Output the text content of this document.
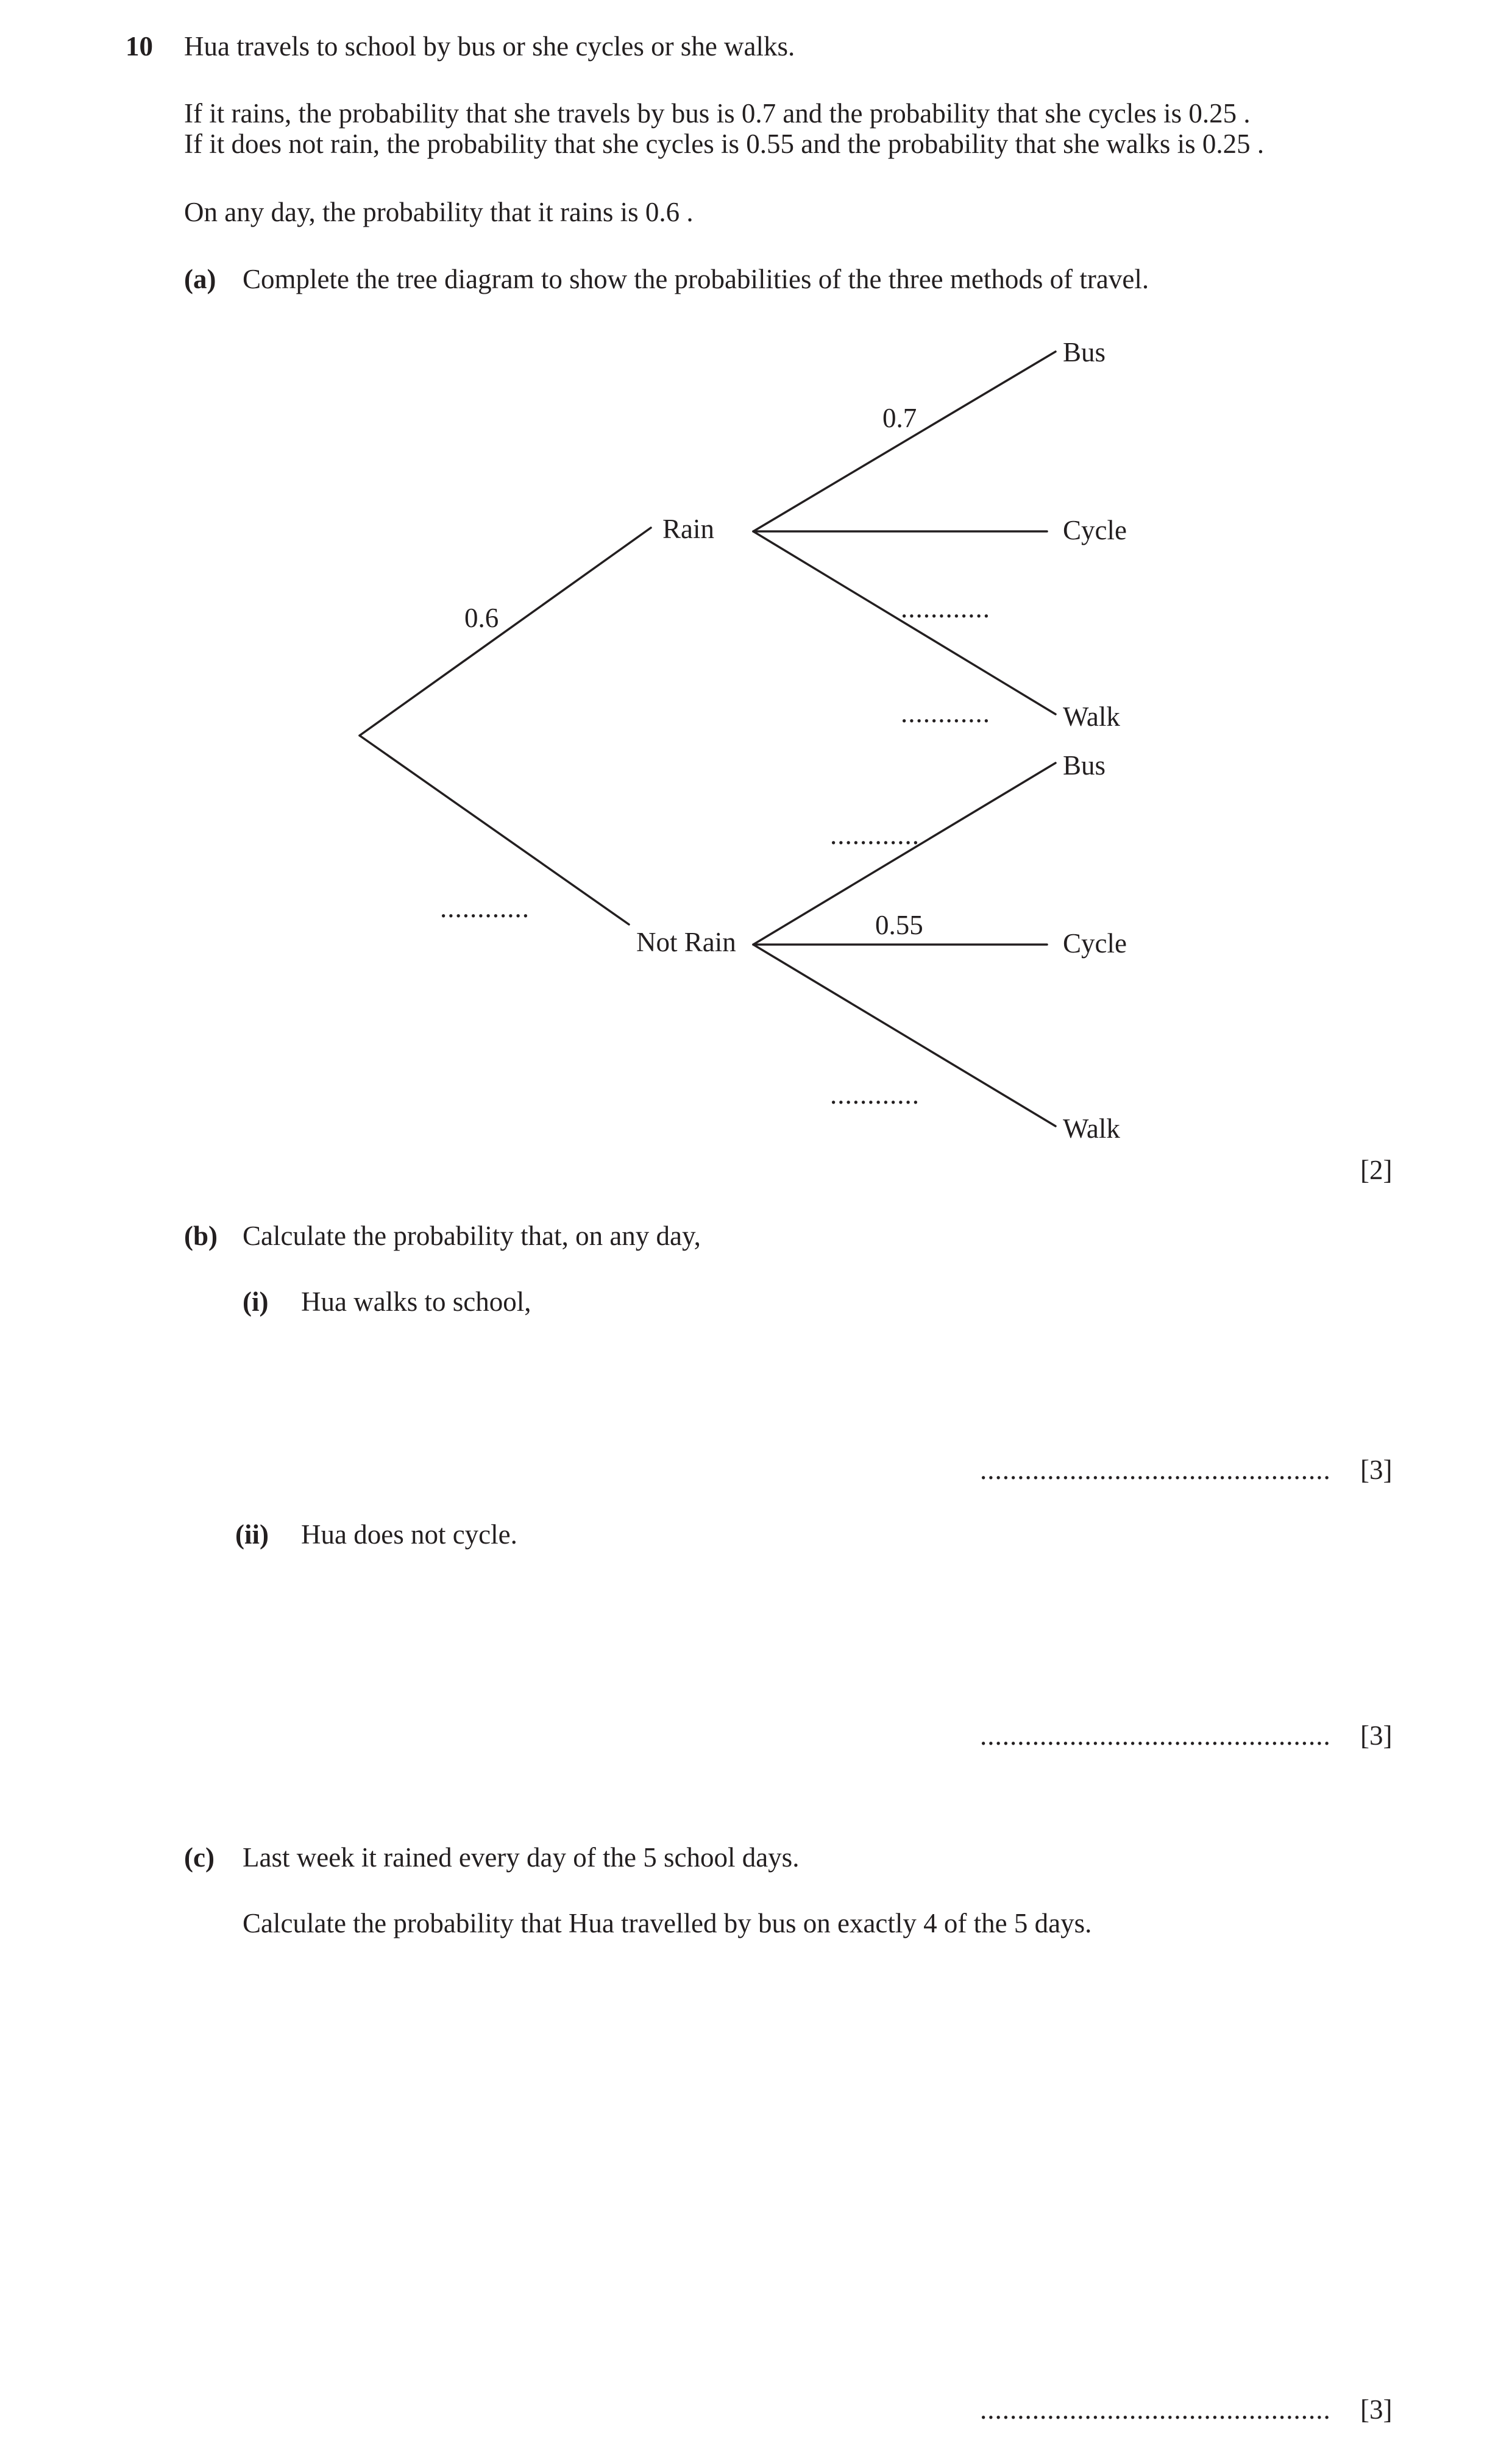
10 Hua travels to school by bus or she cycles or she walks.
If it rains, the probability that she travels by bus is 0.7 and the probability that she cycles is 0.25 .
If it does not rain, the probability that she cycles is 0.55 and the probability that she walks is 0.25 .
On any day, the probability that it rains is 0.6 .
(a) Complete the tree diagram to show the probabilities of the three methods of travel.
Rain
Not Rain
0.6
............
Bus
Cycle
Walk
0.7
............
............
Bus
Cycle
Walk
............
0.55
............
[2]
(b) Calculate the probability that, on any day,
(i) Hua walks to school,
............................................... [3]
(ii) Hua does not cycle.
............................................... [3]
(c) Last week it rained every day of the 5 school days.
Calculate the probability that Hua travelled by bus on exactly 4 of the 5 days.
............................................... [3]
